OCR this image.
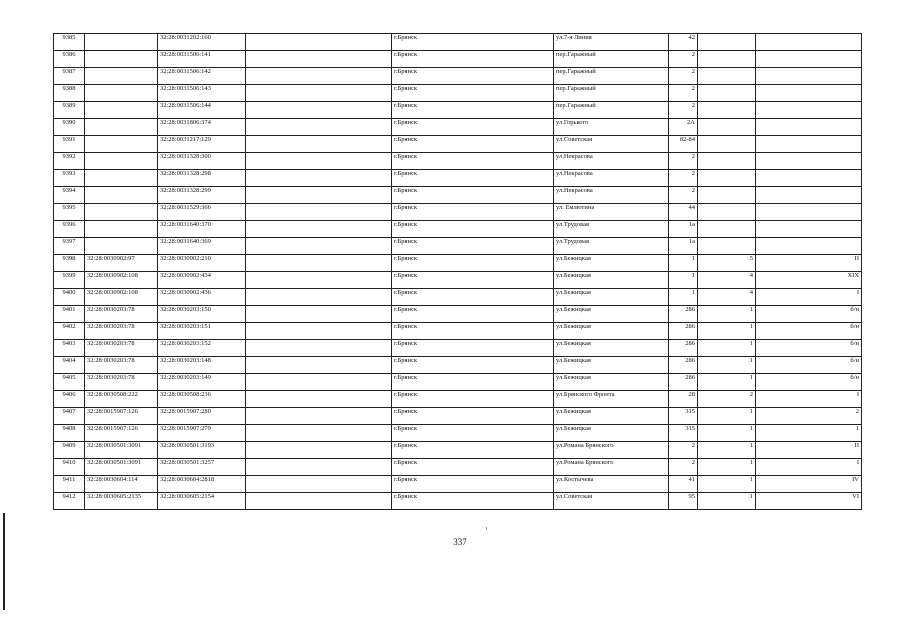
9385		32:28:0031202:160		г.Брянск	ул.7-я Линия	42		
9386		32:28:0031506:141		г.Брянск	пер.Гаражный	2		
9387		32:28:0031506:142		г.Брянск	пер.Гаражный	2		
9388		32:28:0031506:143		г.Брянск	пер.Гаражный	2		
9389		32:28:0031506:144		г.Брянск	пер.Гаражный	2		
9390		32:28:0031806:374		г.Брянск	ул.Горького	2А		
9391		32:28:0031217:129		г.Брянск	ул.Советская	82-84		
9392		32:28:0031328:300		г.Брянск	ул.Некрасова	2		
9393		32:28:0031328:298		г.Брянск	ул.Некрасова	2		
9394		32:28:0031328:299		г.Брянск	ул.Некрасова	2		
9395		32:28:0031529:366		г.Брянск	ул. Емлютина	44		
9396		32:28:0031640:370		г.Брянск	ул.Трудовая	1а		
9397		32:28:0031640:369		г.Брянск	ул.Трудовая	1а		
9398	32:28:0030902:97	32:28:0030902:210		г.Брянск	ул.Бежицкая	1	5	II
9399	32:28:0030902:108	32:28:0030902:434		г.Брянск	ул.Бежицкая	1	4	XIX
9400	32:28:0030902:108	32:28:0030902:436		г.Брянск	ул.Бежицкая	1	4	I
9401	32:28:0030203:78	32:28:0030203:150		г.Брянск	ул.Бежицкая	286	1	б/н
9402	32:28:0030203:78	32:28:0030203:151		г.Брянск	ул.Бежицкая	286	1	б/н
9403	32:28:0030203:78	32:28:0030203:152		г.Брянск	ул.Бежицкая	286	1	б/н
9404	32:28:0030203:78	32:28:0030203:148		г.Брянск	ул.Бежицкая	286	1	б/н
9405	32:28:0030203:78	32:28:0030203:149		г.Брянск	ул.Бежицкая	286	1	б/н
9406	32:28:0030508:222	32:28:0030508:236		г.Брянск	ул.Брянского Фронта	28	2	I
9407	32:28:0015907:126	32:28:0015907:280		г.Брянск	ул.Бежицкая	315	1	2
9408	32:28:0015907:126	32:28:0015907:279		г.Брянск	ул.Бежицкая	315	1	1
9409	32:28:0030501:3091	32:28:0030501:3193		г.Брянск	ул.Романа Брянского	2	1	II
9410	32:28:0030501:3091	32:28:0030501:3257		г.Брянск	ул.Романа Брянского	2	1	I
9411	32:28:0030604:114	32:28:0030604:2818		г.Брянск	ул.Костычева	41	1	IV
9412	32:28:0030605:2135	32:28:0030605:2154		г.Брянск	ул.Советская	95	1	VI
337
